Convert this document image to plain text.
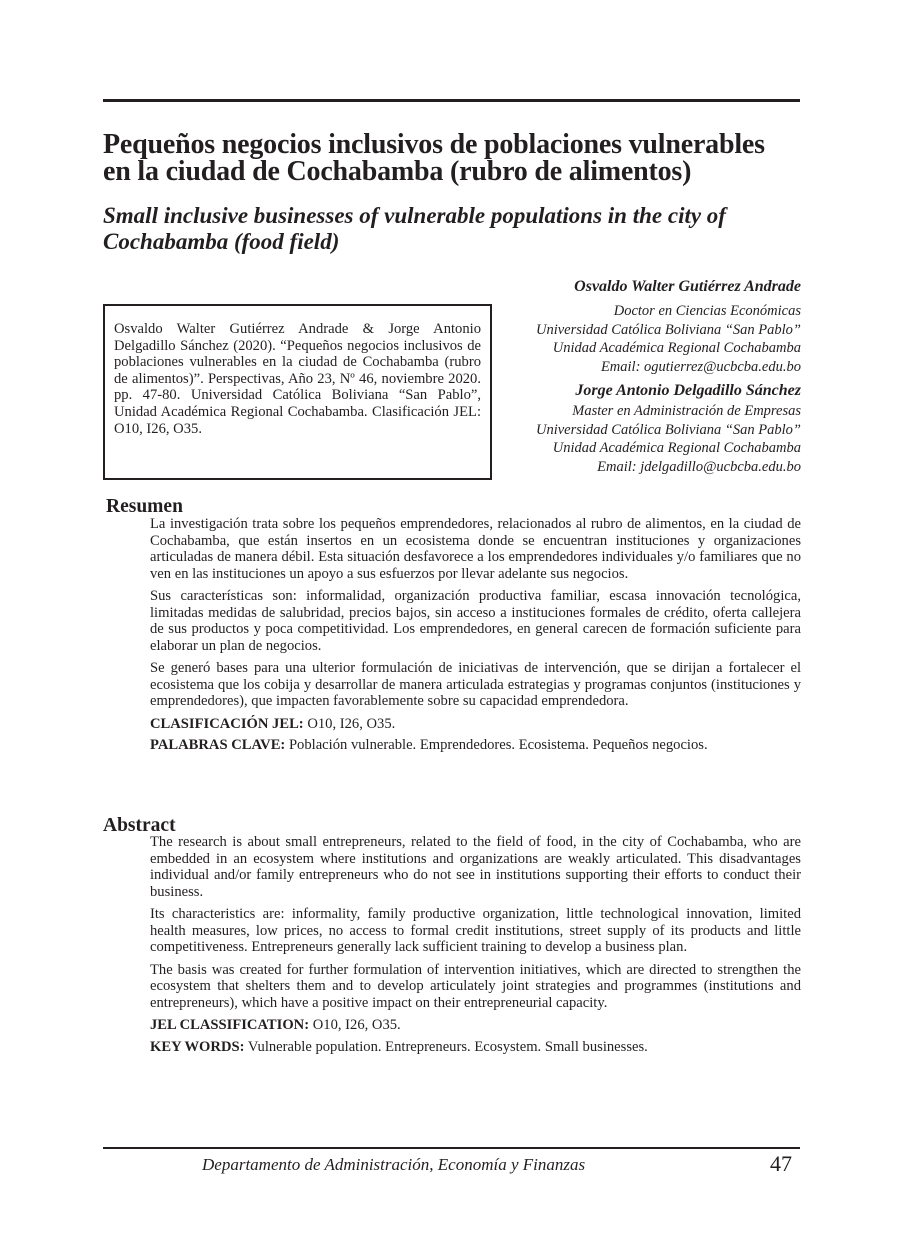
Pequeños negocios inclusivos de poblaciones vulnerables
en la ciudad de Cochabamba (rubro de alimentos)
Small inclusive businesses of vulnerable populations in the city of
Cochabamba (food field)
Osvaldo Walter Gutiérrez Andrade
Doctor en Ciencias Económicas
Universidad Católica Boliviana “San Pablo”
Unidad Académica Regional Cochabamba
Email: ogutierrez@ucbcba.edu.bo
Jorge Antonio Delgadillo Sánchez
Master en Administración de Empresas
Universidad Católica Boliviana “San Pablo”
Unidad Académica Regional Cochabamba
Email: jdelgadillo@ucbcba.edu.bo
Osvaldo Walter Gutiérrez Andrade & Jorge Antonio Delgadillo Sánchez (2020). “Pequeños negocios inclusivos de poblaciones vulnerables en la ciudad de Cochabamba (rubro de alimentos)”. Perspectivas, Año 23, Nº 46, noviembre 2020. pp. 47-80. Universidad Católica Boliviana “San Pablo”, Unidad Académica Regional Cochabamba. Clasificación JEL: O10, I26, O35.
Resumen

La investigación trata sobre los pequeños emprendedores, relacionados al rubro de alimentos, en la ciudad de Cochabamba, que están insertos en un ecosistema donde se encuentran instituciones y organizaciones articuladas de manera débil. Esta situación desfavorece a los emprendedores individuales y/o familiares que no ven en las instituciones un apoyo a sus esfuerzos por llevar adelante sus negocios.

Sus características son: informalidad, organización productiva familiar, escasa innovación tecnológica, limitadas medidas de salubridad, precios bajos, sin acceso a instituciones formales de crédito, oferta callejera de sus productos y poca competitividad. Los emprendedores, en general carecen de formación suficiente para elaborar un plan de negocios.

Se generó bases para una ulterior formulación de iniciativas de intervención, que se dirijan a fortalecer el ecosistema que los cobija y desarrollar de manera articulada estrategias y programas conjuntos (instituciones y emprendedores), que impacten favorablemente sobre su capacidad emprendedora.

CLASIFICACIÓN JEL: O10, I26, O35.

PALABRAS CLAVE: Población vulnerable. Emprendedores. Ecosistema. Pequeños negocios.

Abstract

The research is about small entrepreneurs, related to the field of food, in the city of Cochabamba, who are embedded in an ecosystem where institutions and organizations are weakly articulated. This disadvantages individual and/or family entrepreneurs who do not see in institutions supporting their efforts to conduct their business.

Its characteristics are: informality, family productive organization, little technological innovation, limited health measures, low prices, no access to formal credit institutions, street supply of its products and little competitiveness. Entrepreneurs generally lack sufficient training to develop a business plan.

The basis was created for further formulation of intervention initiatives, which are directed to strengthen the ecosystem that shelters them and to develop articulately joint strategies and programmes (institutions and entrepreneurs), which have a positive impact on their entrepreneurial capacity.

JEL CLASSIFICATION: O10, I26, O35.

KEY WORDS: Vulnerable population. Entrepreneurs. Ecosystem. Small businesses.

Departamento de Administración, Economía y Finanzas	47
